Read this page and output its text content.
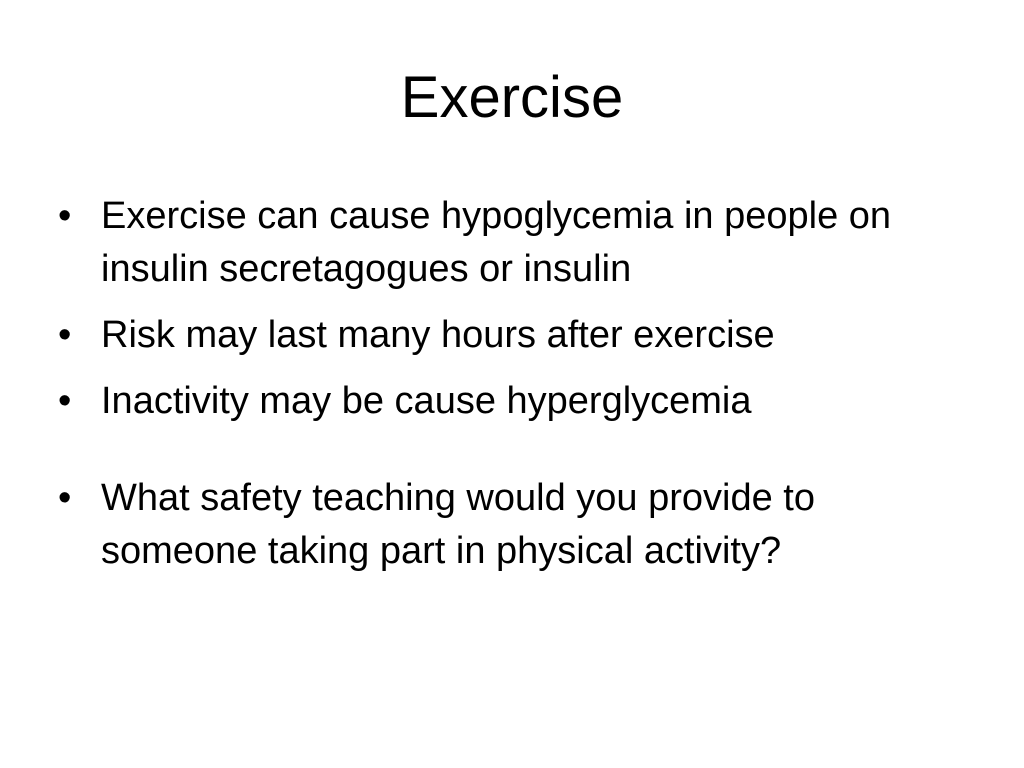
Exercise
• Exercise can cause hypoglycemia in people on insulin secretagogues or insulin
• Risk may last many hours after exercise
• Inactivity may be cause hyperglycemia
• What safety teaching would you provide to someone taking part in physical activity?
